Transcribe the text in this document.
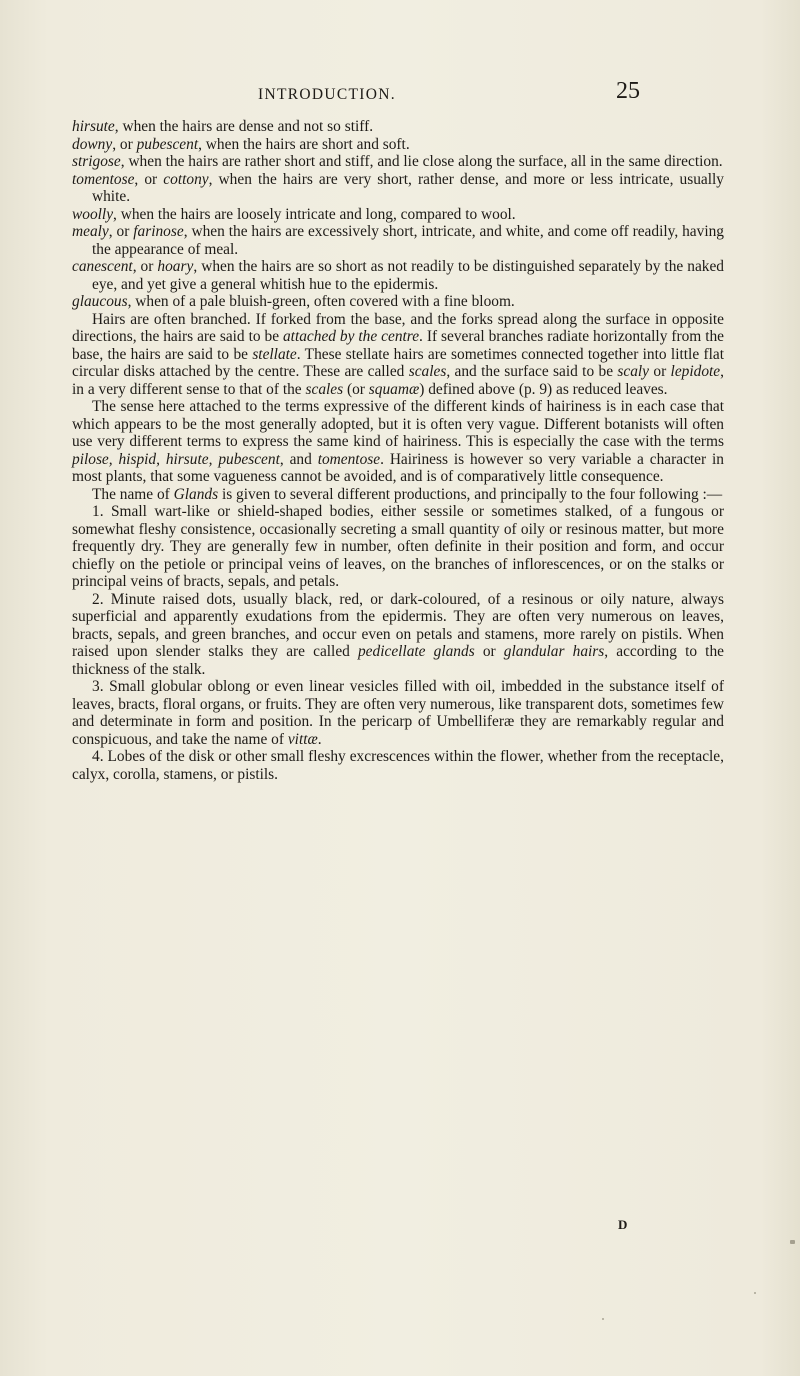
INTRODUCTION.	25

hirsute, when the hairs are dense and not so stiff.

downy, or pubescent, when the hairs are short and soft.

strigose, when the hairs are rather short and stiff, and lie close along the surface, all in the same direction.

tomentose, or cottony, when the hairs are very short, rather dense, and more or less intricate, usually white.

woolly, when the hairs are loosely intricate and long, compared to wool.

mealy, or farinose, when the hairs are excessively short, intricate, and white, and come off readily, having the appearance of meal.

canescent, or hoary, when the hairs are so short as not readily to be distinguished separately by the naked eye, and yet give a general whitish hue to the epidermis.

glaucous, when of a pale bluish-green, often covered with a fine bloom.

Hairs are often branched. If forked from the base, and the forks spread along the surface in opposite directions, the hairs are said to be attached by the centre. If several branches radiate horizontally from the base, the hairs are said to be stellate. These stellate hairs are sometimes connected together into little flat circular disks attached by the centre. These are called scales, and the surface said to be scaly or lepidote, in a very different sense to that of the scales (or squamæ) defined above (p. 9) as reduced leaves.

The sense here attached to the terms expressive of the different kinds of hairiness is in each case that which appears to be the most generally adopted, but it is often very vague. Different botanists will often use very different terms to express the same kind of hairiness. This is especially the case with the terms pilose, hispid, hirsute, pubescent, and tomentose. Hairiness is however so very variable a character in most plants, that some vagueness cannot be avoided, and is of comparatively little consequence.

The name of Glands is given to several different productions, and principally to the four following :—

1. Small wart-like or shield-shaped bodies, either sessile or sometimes stalked, of a fungous or somewhat fleshy consistence, occasionally secreting a small quantity of oily or resinous matter, but more frequently dry. They are generally few in number, often definite in their position and form, and occur chiefly on the petiole or principal veins of leaves, on the branches of inflorescences, or on the stalks or principal veins of bracts, sepals, and petals.

2. Minute raised dots, usually black, red, or dark-coloured, of a resinous or oily nature, always superficial and apparently exudations from the epidermis. They are often very numerous on leaves, bracts, sepals, and green branches, and occur even on petals and stamens, more rarely on pistils. When raised upon slender stalks they are called pedicellate glands or glandular hairs, according to the thickness of the stalk.

3. Small globular oblong or even linear vesicles filled with oil, imbedded in the substance itself of leaves, bracts, floral organs, or fruits. They are often very numerous, like transparent dots, sometimes few and determinate in form and position. In the pericarp of Umbelliferæ they are remarkably regular and conspicuous, and take the name of vittæ.

4. Lobes of the disk or other small fleshy excrescences within the flower, whether from the receptacle, calyx, corolla, stamens, or pistils.

D
